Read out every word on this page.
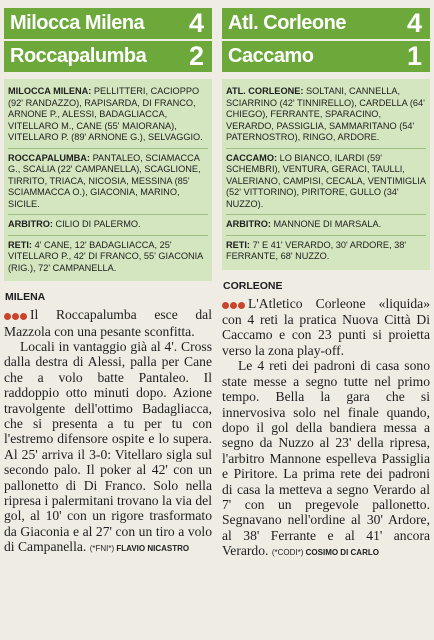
Milocca Milena 4
Roccapalumba 2
MILOCCA MILENA: PELLITTERI, CACIOPPO (92' RANDAZZO), RAPISARDA, DI FRANCO, ARNONE P., ALESSI, BADAGLIACCA, VITELLARO M., CANE (55' MAIORANA), VITELLARO P. (89' ARNONE G.), SELVAGGIO.
ROCCAPALUMBA: PANTALEO, SCIAMACCA G., SCALIA (22' CAMPANELLA), SCAGLIONE, TIRRITO, TRIACA, NICOSIA, MESSINA (85' SCIAMMACCA O.), GIACONIA, MARINO, SICILE.
ARBITRO: CILIO DI PALERMO.
RETI: 4' CANE, 12' BADAGLIACCA, 25' VITELLARO P., 42' DI FRANCO, 55' GIACONIA (RIG.), 72' CAMPANELLA.
MILENA

Il Roccapalumba esce dal Mazzola con una pesante sconfitta.

Locali in vantaggio già al 4'. Cross dalla destra di Alessi, palla per Cane che a volo batte Pantaleo. Il raddoppio otto minuti dopo. Azione travolgente dell'ottimo Badagliacca, che si presenta a tu per tu con l'estremo difensore ospite e lo supera. Al 25' arriva il 3-0: Vitellaro sigla sul secondo palo. Il poker al 42' con un pallonetto di Di Franco. Solo nella ripresa i palermitani trovano la via del gol, al 10' con un rigore trasformato da Giaconia e al 27' con un tiro a volo di Campanella. (*FNI*) FLAVIO NICASTRO

Atl. Corleone 4
Caccamo	1
ATL. CORLEONE: SOLTANI, CANNELLA, SCIARRINO (42' TINNIRELLO), CARDELLA (64' CHIEGO), FERRANTE, SPARACINO, VERARDO, PASSIGLIA, SAMMARITANO (54' PATERNOSTRO), RINGO, ARDORE.
CACCAMO: LO BIANCO, ILARDI (59' SCHEMBRI), VENTURA, GERACI, TAULLI, VALERIANO, CAMPISI, CECALA, VENTIMIGLIA (52' VITTORINO), PIRITORE, GULLO (34' NUZZO).
ARBITRO: MANNONE DI MARSALA.
RETI: 7' E 41' VERARDO, 30' ARDORE, 38' FERRANTE, 68' NUZZO.
CORLEONE

L'Atletico Corleone «liquida» con 4 reti la pratica Nuova Città Di Caccamo e con 23 punti si proietta verso la zona play-off.

Le 4 reti dei padroni di casa sono state messe a segno tutte nel primo tempo. Bella la gara che si innervosiva solo nel finale quando, dopo il gol della bandiera messa a segno da Nuzzo al 23' della ripresa, l'arbitro Mannone espelleva Passiglia e Piritore. La prima rete dei padroni di casa la metteva a segno Verardo al 7' con un pregevole pallonetto. Segnavano nell'ordine al 30' Ardore, al 38' Ferrante e al 41' ancora Verardo. (*CODI*) COSIMO DI CARLO
